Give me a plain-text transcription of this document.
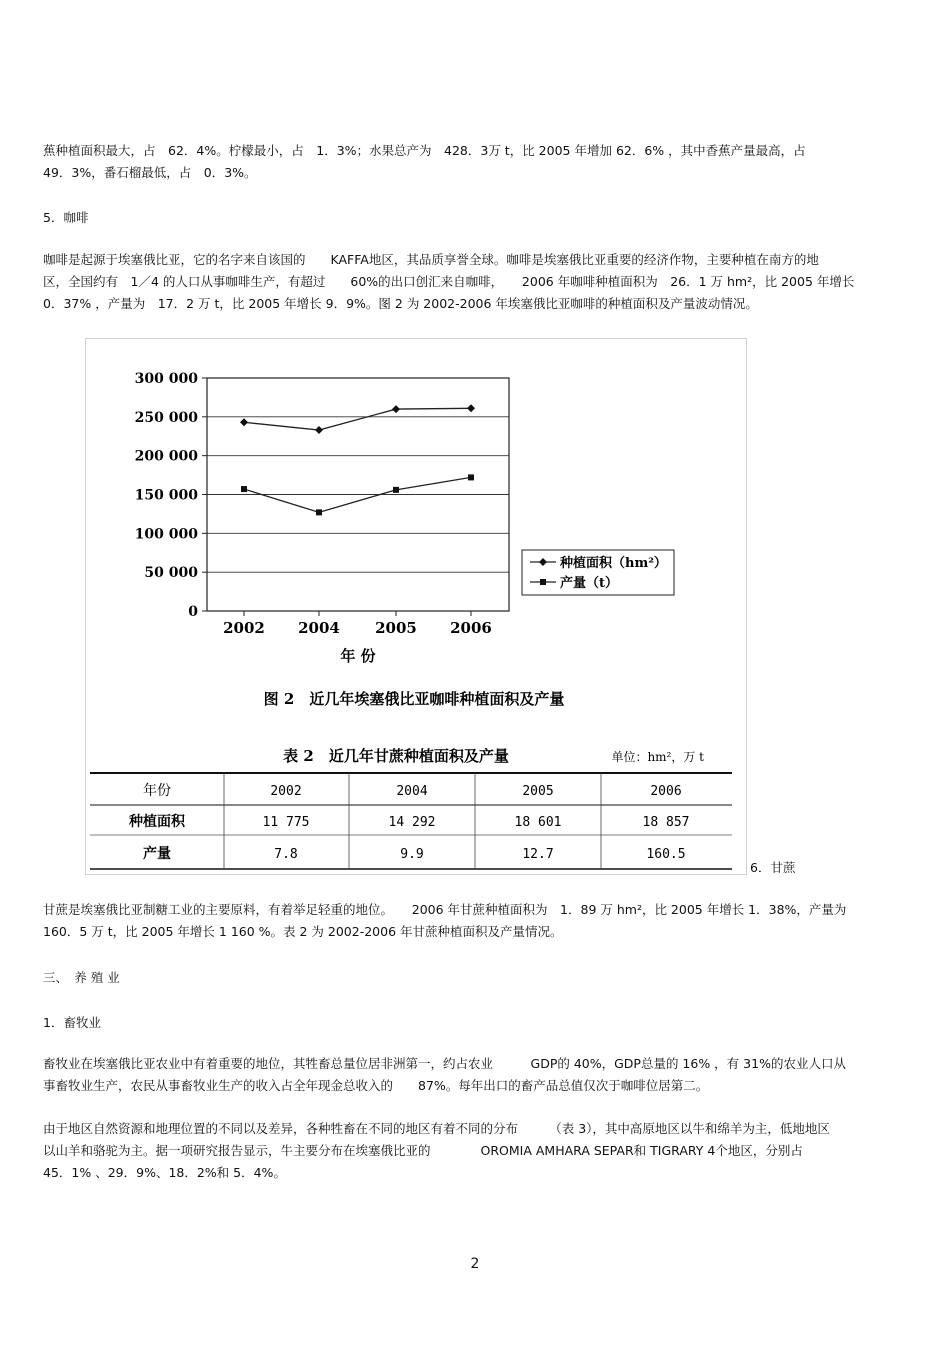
蕉种植面积最大，占　62．4%。柠檬最小，占　1．3%；水果总产为　428．3万 t，比 2005 年增加 62．6% ，其中香蕉产量最高，占
49．3%，番石榴最低，占　0．3%。

5．咖啡

咖啡是起源于埃塞俄比亚，它的名字来自该国的　　KAFFA地区，其品质享誉全球。咖啡是埃塞俄比亚重要的经济作物，主要种植在南方的地
区，全国约有　1／4 的人口从事咖啡生产，有超过　　60%的出口创汇来自咖啡，　　2006 年咖啡种植面积为　26．1 万 hm²，比 2005 年增长
0．37% ，产量为　17．2 万 t，比 2005 年增长 9．9%。图 2 为 2002-2006 年埃塞俄比亚咖啡的种植面积及产量波动情况。
300 000
250 000
200 000
150 000
100 000
50 000
0
2002 2004 2005 2006
年 份
图 2　近几年埃塞俄比亚咖啡种植面积及产量
种植面积（hm²）
产量（t）
表 2　近几年甘蔗种植面积及产量	单位：hm²，万 t
年份	2002	2004	2005	2006
种植面积	11 775	14 292	18 601	18 857
产量	7.8	9.9	12.7	160.5

6．甘蔗

甘蔗是埃塞俄比亚制糖工业的主要原料，有着举足轻重的地位。　　2006 年甘蔗种植面积为　1．89 万 hm²，比 2005 年增长 1．38%，产量为
160．5 万 t，比 2005 年增长 1 160 %。表 2 为 2002-2006 年甘蔗种植面积及产量情况。

三、　养 殖 业

1．畜牧业

畜牧业在埃塞俄比亚农业中有着重要的地位，其牲畜总量位居非洲第一，约占农业　　　GDP的 40%，GDP总量的 16% ，有 31%的农业人口从
事畜牧业生产，农民从事畜牧业生产的收入占全年现金总收入的　　87%。每年出口的畜产品总值仅次于咖啡位居第二。
由于地区自然资源和地理位置的不同以及差异，各种牲畜在不同的地区有着不同的分布　　　（表 3），其中高原地区以牛和绵羊为主，低地地区
以山羊和骆驼为主。据一项研究报告显示，牛主要分布在埃塞俄比亚的　　　　OROMIA AMHARA SEPAR和 TIGRARY 4个地区，分别占
45．1% 、29．9%、18．2%和 5．4%。

2
